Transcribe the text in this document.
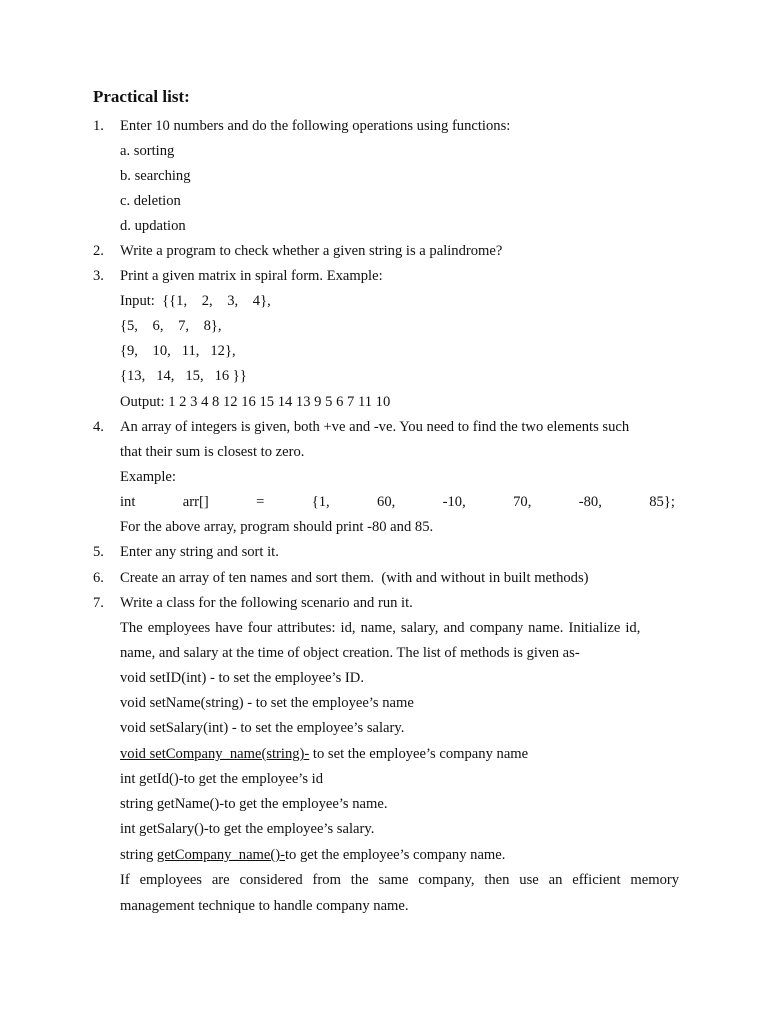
Practical list:
1. Enter 10 numbers and do the following operations using functions:
a. sorting
b. searching
c. deletion
d. updation
2. Write a program to check whether a given string is a palindrome?
3. Print a given matrix in spiral form. Example:
Input:  {{1,    2,    3,    4},
{5,    6,    7,    8},
{9,    10,   11,   12},
{13,   14,   15,   16 }}
Output: 1 2 3 4 8 12 16 15 14 13 9 5 6 7 11 10
4. An array of integers is given, both +ve and -ve. You need to find the two elements such
that their sum is closest to zero.
Example:
int	arr[]	=	{1,	60,	-10,	70,	-80,	85};
For the above array, program should print -80 and 85.
5. Enter any string and sort it.
6. Create an array of ten names and sort them.  (with and without in built methods)
7. Write a class for the following scenario and run it.
The employees have four attributes: id, name, salary, and company name. Initialize id,
name, and salary at the time of object creation. The list of methods is given as-
void setID(int) - to set the employee’s ID.
void setName(string) - to set the employee’s name
void setSalary(int) - to set the employee’s salary.
void setCompany_name(string)- to set the employee’s company name
int getId()-to get the employee’s id
string getName()-to get the employee’s name.
int getSalary()-to get the employee’s salary.
string getCompany_name()-to get the employee’s company name.
If employees are considered from the same company, then use an efficient memory
management technique to handle company name.
